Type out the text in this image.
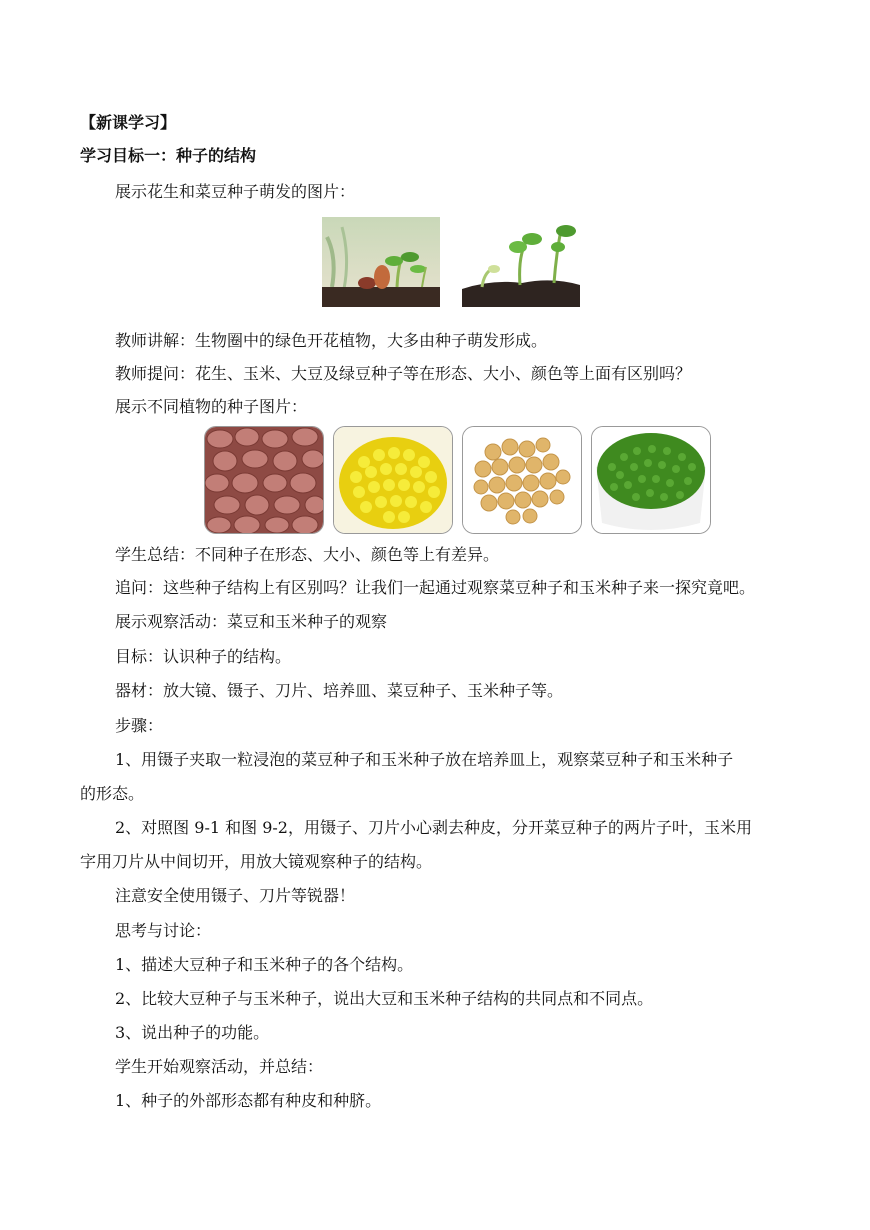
【新课学习】
学习目标一：种子的结构
展示花生和菜豆种子萌发的图片：
教师讲解：生物圈中的绿色开花植物，大多由种子萌发形成。
教师提问：花生、玉米、大豆及绿豆种子等在形态、大小、颜色等上面有区别吗？
展示不同植物的种子图片：
学生总结：不同种子在形态、大小、颜色等上有差异。
追问：这些种子结构上有区别吗？让我们一起通过观察菜豆种子和玉米种子来一探究竟吧。
展示观察活动：菜豆和玉米种子的观察
目标：认识种子的结构。
器材：放大镜、镊子、刀片、培养皿、菜豆种子、玉米种子等。
步骤：
1、用镊子夹取一粒浸泡的菜豆种子和玉米种子放在培养皿上，观察菜豆种子和玉米种子
的形态。
2、对照图 9-1 和图 9-2，用镊子、刀片小心剥去种皮，分开菜豆种子的两片子叶，玉米用
字用刀片从中间切开，用放大镜观察种子的结构。
注意安全使用镊子、刀片等锐器！
思考与讨论：
1、描述大豆种子和玉米种子的各个结构。
2、比较大豆种子与玉米种子，说出大豆和玉米种子结构的共同点和不同点。
3、说出种子的功能。
学生开始观察活动，并总结：
1、种子的外部形态都有种皮和种脐。
